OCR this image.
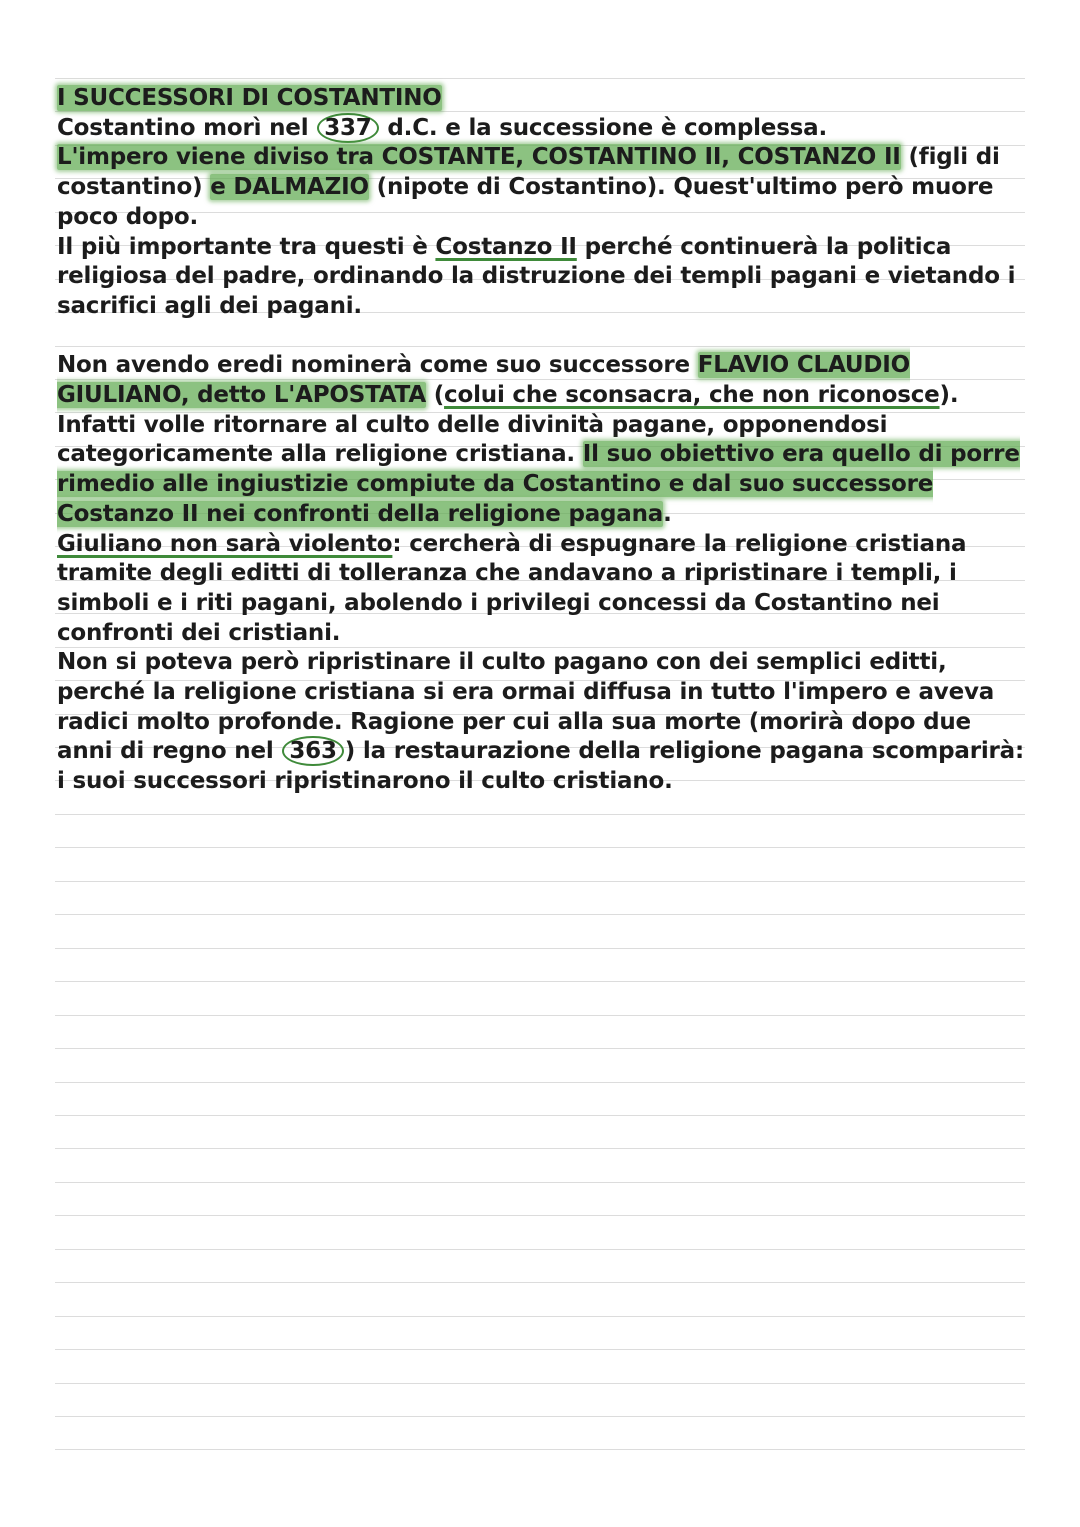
I SUCCESSORI DI COSTANTINO
Costantino morì nel 337 d.C. e la successione è complessa.
L'impero viene diviso tra COSTANTE, COSTANTINO II, COSTANZO II (figli di costantino) e DALMAZIO (nipote di Costantino). Quest'ultimo però muore poco dopo.
Il più importante tra questi è Costanzo II perché continuerà la politica religiosa del padre, ordinando la distruzione dei templi pagani e vietando i sacrifici agli dei pagani.
Non avendo eredi nominerà come suo successore FLAVIO CLAUDIO GIULIANO, detto L'APOSTATA (colui che sconsacra, che non riconosce).
Infatti volle ritornare al culto delle divinità pagane, opponendosi categoricamente alla religione cristiana. Il suo obiettivo era quello di porre rimedio alle ingiustizie compiute da Costantino e dal suo successore Costanzo II nei confronti della religione pagana.
Giuliano non sarà violento: cercherà di espugnare la religione cristiana tramite degli editti di tolleranza che andavano a ripristinare i templi, i simboli e i riti pagani, abolendo i privilegi concessi da Costantino nei confronti dei cristiani.
Non si poteva però ripristinare il culto pagano con dei semplici editti, perché la religione cristiana si era ormai diffusa in tutto l'impero e aveva radici molto profonde. Ragione per cui alla sua morte (morirà dopo due anni di regno nel 363 ) la restaurazione della religione pagana scomparirà: i suoi successori ripristinarono il culto cristiano.
